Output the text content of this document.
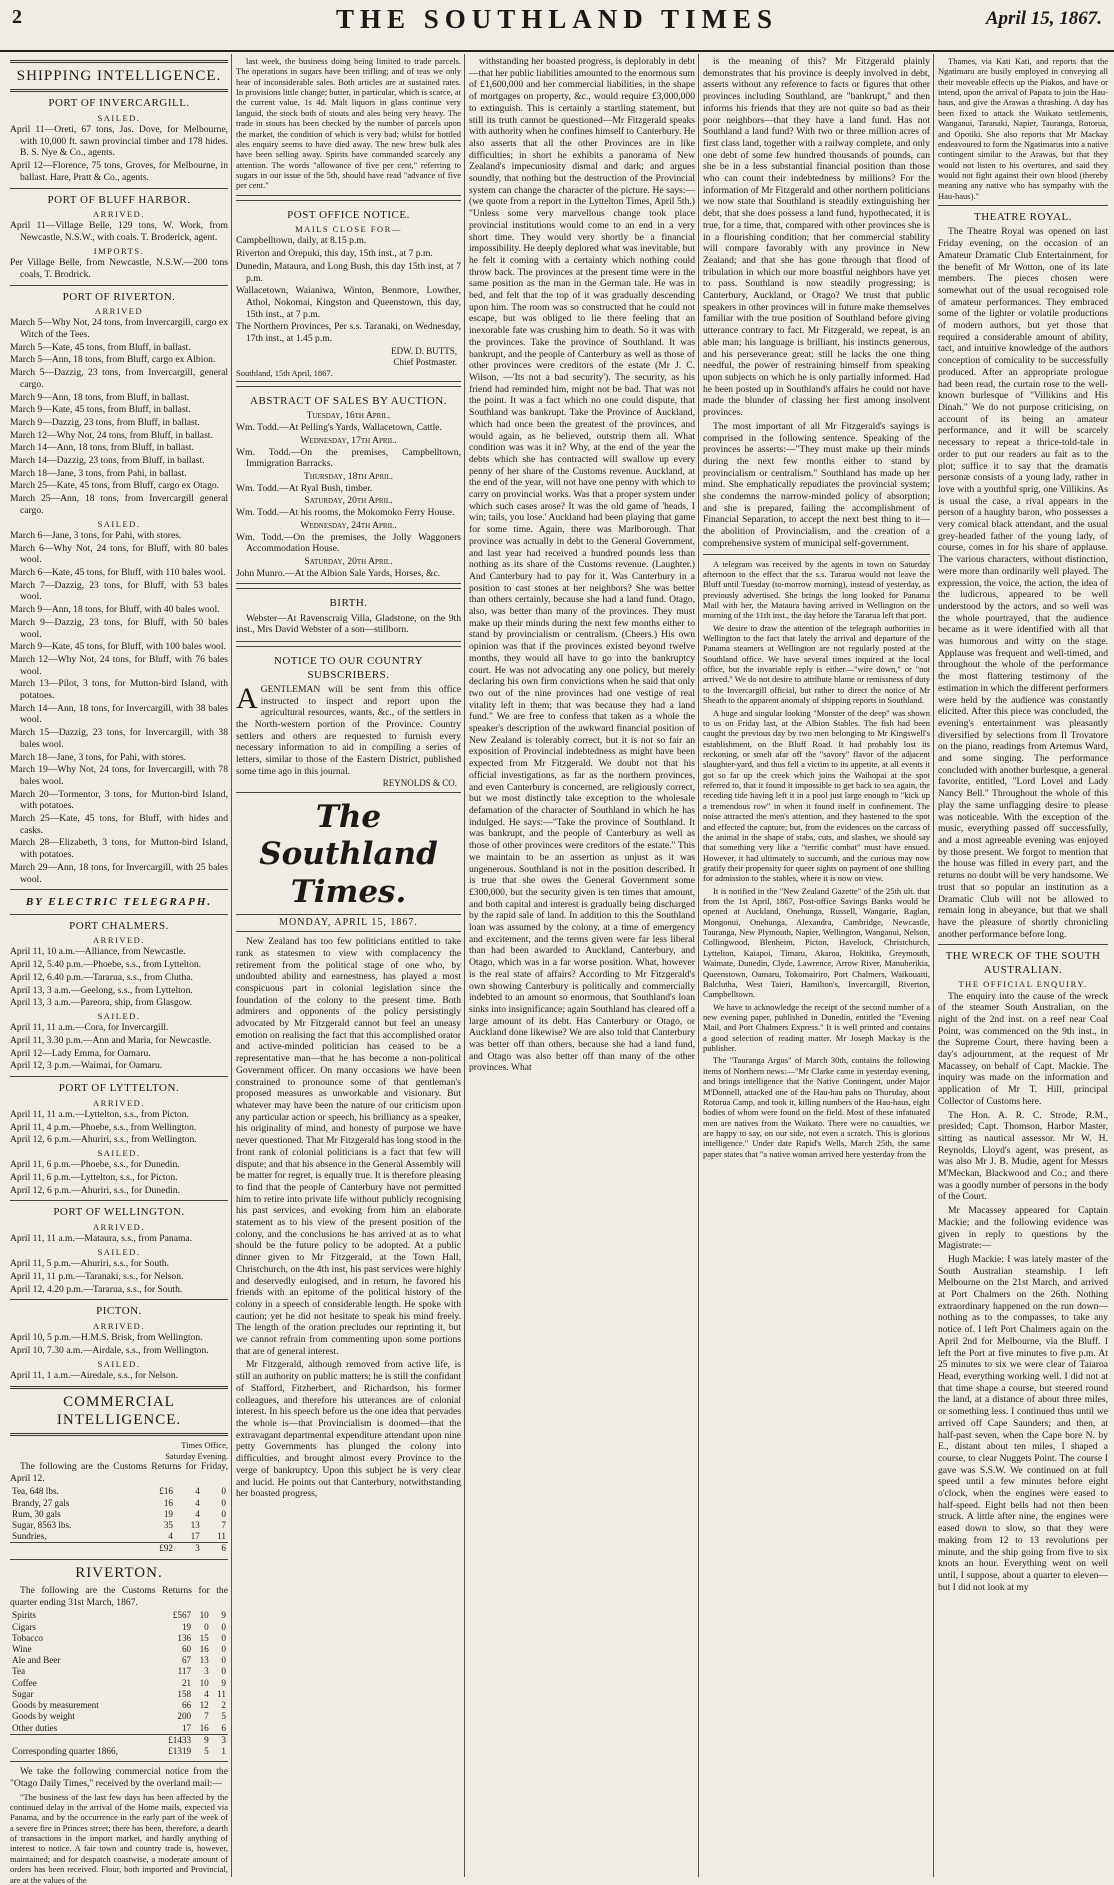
2	THE SOUTHLAND TIMES	April 15, 1867.
SHIPPING INTELLIGENCE.
PORT OF INVERCARGILL.
SAILED.
April 11—Oreti, 67 tons, Jas. Dove, for Melbourne, with 10,000 ft. sawn provincial timber and 178 hides. B. S. Nye & Co., agents.
April 12—Florence, 75 tons, Groves, for Melbourne, in ballast. Hare, Pratt & Co., agents.
PORT OF BLUFF HARBOR.
ARRIVED.
April 11—Village Belle, 129 tons, W. Work, from Newcastle, N.S.W., with coals. T. Broderick, agent.
IMPORTS.
Per Village Belle, from Newcastle, N.S.W.—200 tons coals, T. Brodrick.
PORT OF RIVERTON.
ARRIVED
March 5—Why Not, 24 tons, from Invercargill, cargo ex Witch of the Tees.
March 5—Kate, 45 tons, from Bluff, in ballast.
March 5—Ann, 18 tons, from Bluff, cargo ex Albion.
March 5—Dazzig, 23 tons, from Invercargill, general cargo.
March 9—Ann, 18 tons, from Bluff, in ballast.
March 9—Kate, 45 tons, from Bluff, in ballast.
March 9—Dazzig, 23 tons, from Bluff, in ballast.
March 12—Why Not, 24 tons, from Bluff, in ballast.
March 14—Ann, 18 tons, from Bluff, in ballast.
March 14—Dazzig, 23 tons, from Bluff, in ballast.
March 18—Jane, 3 tons, from Pahi, in ballast.
March 25—Kate, 45 tons, from Bluff, cargo ex Otago.
March 25—Ann, 18 tons, from Invercargill general cargo.
SAILED.
March 6—Jane, 3 tons, for Pahi, with stores.
March 6—Why Not, 24 tons, for Bluff, with 80 bales wool.
March 6—Kate, 45 tons, for Bluff, with 110 bales wool.
March 7—Dazzig, 23 tons, for Bluff, with 53 bales wool.
March 9—Ann, 18 tons, for Bluff, with 40 bales wool.
March 9—Dazzig, 23 tons, for Bluff, with 50 bales wool.
March 9—Kate, 45 tons, for Bluff, with 100 bales wool.
March 12—Why Not, 24 tons, for Bluff, with 76 bales wool.
March 13—Pilot, 3 tons, for Mutton-bird Island, with potatoes.
March 14—Ann, 18 tons, for Invercargill, with 38 bales wool.
March 15—Dazzig, 23 tons, for Invercargill, with 38 bales wool.
March 18—Jane, 3 tons, for Pahi, with stores.
March 19—Why Not, 24 tons, for Invercargill, with 78 bales wool.
March 20—Tormentor, 3 tons, for Mutton-bird Island, with potatoes.
March 25—Kate, 45 tons, for Bluff, with hides and casks.
March 28—Elizabeth, 3 tons, for Mutton-bird Island, with potatoes.
March 29—Ann, 18 tons, for Invercargill, with 25 bales wool.
BY ELECTRIC TELEGRAPH.
PORT CHALMERS.
ARRIVED.
April 11, 10 a.m.—Alliance, from Newcastle.
April 12, 5.40 p.m.—Phoebe, s.s., from Lyttelton.
April 12, 6.40 p.m.—Tararua, s.s., from Clutha.
April 13, 3 a.m.—Geelong, s.s., from Lyttelton.
April 13, 3 a.m.—Pareora, ship, from Glasgow.
SAILED.
April 11, 11 a.m.—Cora, for Invercargill.
April 11, 3.30 p.m.—Ann and Maria, for Newcastle.
April 12—Lady Emma, for Oamaru.
April 12, 3 p.m.—Waimai, for Oamaru.
PORT OF LYTTELTON.
ARRIVED.
April 11, 11 a.m.—Lyttelton, s.s., from Picton.
April 11, 4 p.m.—Phoebe, s.s., from Wellington.
April 12, 6 p.m.—Ahuriri, s.s., from Wellington.
SAILED.
April 11, 6 p.m.—Phoebe, s.s., for Dunedin.
April 11, 6 p.m.—Lyttelton, s.s., for Picton.
April 12, 6 p.m.—Ahuriri, s.s., for Dunedin.
PORT OF WELLINGTON.
ARRIVED.
April 11, 11 a.m.—Mataura, s.s., from Panama.
SAILED.
April 11, 5 p.m.—Ahuriri, s.s., for South.
April 11, 11 p.m.—Taranaki, s.s., for Nelson.
April 12, 4.20 p.m.—Tararua, s.s., for South.
PICTON.
ARRIVED.
April 10, 5 p.m.—H.M.S. Brisk, from Wellington.
April 10, 7.30 a.m.—Airdale, s.s., from Wellington.
SAILED.
April 11, 1 a.m.—Airedale, s.s., for Nelson.
COMMERCIAL INTELLIGENCE.
Times Office,
Saturday Evening.

The following are the Customs Returns for Friday, April 12.

Tea, 648 lbs.	£16	4	0
Brandy, 27 gals	16	4	0
Rum, 30 gals	19	4	0
Sugar, 8563 lbs.	35	13	7
Sundries,	4	17	11
	£92	3	6
RIVERTON.

The following are the Customs Returns for the quarter ending 31st March, 1867.

Spirits	£567	10	9
Cigars	19	0	0
Tobacco	136	15	0
Wine	60	16	0
Ale and Beer	67	13	0
Tea	117	3	0
Coffee	21	10	9
Sugar	158	4	11
Goods by measurement	66	12	2
Goods by weight	200	7	5
Other duties	17	16	6
	£1433	9	3
Corresponding quarter 1866,	£1319	5	1

We take the following commercial notice from the "Otago Daily Times," received by the overland mail:—

"The business of the last few days has been affected by the continued delay in the arrival of the Home mails, expected via Panama, and by the occurrence in the early part of the week of a severe fire in Princes street; there has been, therefore, a dearth of transactions in the import market, and hardly anything of interest to notice. A fair town and country trade is, however, maintained; and for despatch coastwise, a moderate amount of orders has been received. Flour, both imported and Provincial, are at the values of the

last week, the business doing being limited to trade parcels. The operations in sugars have been trifling; and of teas we only hear of inconsiderable sales. Both articles are at sustained rates. In provisions little change; butter, in particular, which is scarce, at the current value, 1s 4d. Malt liquors in glass continue very languid, the stock both of stouts and ales being very heavy. The trade in stouts has been checked by the number of parcels upon the market, the condition of which is very bad; whilst for bottled ales enquiry seems to have died away. The new brew bulk ales have been selling away. Spirits have commanded scarcely any attention. The words "allowance of five per cent," referring to sugars in our issue of the 5th, should have read "advance of five per cent."

POST OFFICE NOTICE.
MAILS CLOSE FOR—
Campbelltown, daily, at 8.15 p.m.
Riverton and Orepuki, this day, 15th inst., at 7 p.m.
Dunedin, Mataura, and Long Bush, this day 15th inst, at 7 p.m.
Wallacetown, Waianiwa, Winton, Benmore, Lowther, Athol, Nokomai, Kingston and Queenstown, this day, 15th inst., at 7 p.m.
The Northern Provinces, Per s.s. Taranaki, on Wednesday, 17th inst., at 1.45 p.m.
EDW. D. BUTTS,
Chief Postmaster.
Southland, 15th April, 1867.
ABSTRACT OF SALES BY AUCTION.
Tuesday, 16th April.
Wm. Todd.—At Pelling's Yards, Wallacetown, Cattle.
Wednesday, 17th April.
Wm. Todd.—On the premises, Campbelltown, Immigration Barracks.
Thursday, 18th April.
Wm. Todd.—At Ryal Bush, timber.
Saturday, 20th April.
Wm. Todd.—At his rooms, the Mokomoko Ferry House.
Wednesday, 24th April.
Wm. Todd.—On the premises, the Jolly Waggoners Accommodation House.
Saturday, 20th April.
John Munro.—At the Albion Sale Yards, Horses, &c.
BIRTH.

Webster—At Ravenscraig Villa, Gladstone, on the 9th inst., Mrs David Webster of a son—stillborn.

NOTICE TO OUR COUNTRY SUBSCRIBERS.
A GENTLEMAN will be sent from this office instructed to inspect and report upon the agricultural resources, wants, &c., of the settlers in the North-western portion of the Province. Country settlers and others are requested to furnish every necessary information to aid in compiling a series of letters, similar to those of the Eastern District, published some time ago in this journal.
REYNOLDS & CO.
The Southland Times.
MONDAY, APRIL 15, 1867.

New Zealand has too few politicians entitled to take rank as statesmen to view with complacency the retirement from the political stage of one who, by undoubted ability and earnestness, has played a most conspicuous part in colonial legislation since the foundation of the colony to the present time. Both admirers and opponents of the policy persistingly advocated by Mr Fitzgerald cannot but feel an uneasy emotion on realising the fact that this accomplished orator and active-minded politician has ceased to be a representative man—that he has become a non-political Government officer. On many occasions we have been constrained to pronounce some of that gentleman's proposed measures as unworkable and visionary. But whatever may have been the nature of our criticism upon any particular action or speech, his brilliancy as a speaker, his originality of mind, and honesty of purpose we have never questioned. That Mr Fitzgerald has long stood in the front rank of colonial politicians is a fact that few will dispute; and that his absence in the General Assembly will be matter for regret, is equally true. It is therefore pleasing to find that the people of Canterbury have not permitted him to retire into private life without publicly recognising his past services, and evoking from him an elaborate statement as to his view of the present position of the colony, and the conclusions he has arrived at as to what should be the future policy to be adopted. At a public dinner given to Mr Fitzgerald, at the Town Hall, Christchurch, on the 4th inst, his past services were highly and deservedly eulogised, and in return, he favored his friends with an epitome of the political history of the colony in a speech of considerable length. He spoke with caution; yet he did not hesitate to speak his mind freely. The length of the oration precludes our reprinting it, but we cannot refrain from commenting upon some portions that are of general interest.

Mr Fitzgerald, although removed from active life, is still an authority on public matters; he is still the confidant of Stafford, Fitzherbert, and Richardson, his former colleagues, and therefore his utterances are of colonial interest. In his speech before us the one idea that pervades the whole is—that Provincialism is doomed—that the extravagant departmental expenditure attendant upon nine petty Governments has plunged the colony into difficulties, and brought almost every Province to the verge of bankruptcy. Upon this subject he is very clear and lucid. He points out that Canterbury, notwithstanding her boasted progress,

withstanding her boasted progress, is deplorably in debt—that her public liabilities amounted to the enormous sum of £1,600,000 and her commercial liabilities, in the shape of mortgages on property, &c., would require £3,000,000 to extinguish. This is certainly a startling statement, but still its truth cannot be questioned—Mr Fitzgerald speaks with authority when he confines himself to Canterbury. He also asserts that all the other Provinces are in like difficulties; in short he exhibits a panorama of New Zealand's impecuniosity dismal and dark; and argues soundly, that nothing but the destruction of the Provincial system can change the character of the picture. He says:—(we quote from a report in the Lyttelton Times, April 5th.) "Unless some very marvellous change took place provincial institutions would come to an end in a very short time. They would very shortly be a financial impossibility. He deeply deplored what was inevitable, but he felt it coming with a certainty which nothing could throw back. The provinces at the present time were in the same position as the man in the German tale. He was in bed, and felt that the top of it was gradually descending upon him. The room was so constructed that he could not escape, but was obliged to lie there feeling that an inexorable fate was crushing him to death. So it was with the provinces. Take the province of Southland. It was bankrupt, and the people of Canterbury as well as those of other provinces were creditors of the estate (Mr J. C. Wilson, —'Its not a bad security'). The security, as his friend had reminded him, might not be bad. That was not the point. It was a fact which no one could dispute, that Southland was bankrupt. Take the Province of Auckland, which had once been the greatest of the provinces, and would again, as he believed, outstrip them all. What condition was was it in? Why, at the end of the year the debts which she has contracted will swallow up every penny of her share of the Customs revenue. Auckland, at the end of the year, will not have one penny with which to carry on provincial works. Was that a proper system under which such cases arose? It was the old game of 'heads, I win; tails, you lose.' Auckland had been playing that game for some time. Again, there was Marlborough. That province was actually in debt to the General Government, and last year had received a hundred pounds less than nothing as its share of the Customs revenue. (Laughter.) And Canterbury had to pay for it. Was Canterbury in a position to cast stones at her neighbors? She was better than others certainly, because she had a land fund. Otago, also, was better than many of the provinces. They must make up their minds during the next few months either to stand by provincialism or centralism. (Cheers.) His own opinion was that if the provinces existed beyond twelve months, they would all have to go into the bankruptcy court. He was not advocating any one policy, but merely declaring his own firm convictions when he said that only two out of the nine provinces had one vestige of real vitality left in them; that was because they had a land fund." We are free to confess that taken as a whole the speaker's description of the awkward financial position of New Zealand is tolerably correct, but it is not so fair an exposition of Provincial indebtedness as might have been expected from Mr Fitzgerald. We doubt not that his official investigations, as far as the northern provinces, and even Canterbury is concerned, are religiously correct, but we most distinctly take exception to the wholesale defamation of the character of Southland in which he has indulged. He says:—"Take the province of Southland. It was bankrupt, and the people of Canterbury as well as those of other provinces were creditors of the estate." This we maintain to be an assertion as unjust as it was ungenerous. Southland is not in the position described. It is true that she owes the General Government some £300,000, but the security given is ten times that amount, and both capital and interest is gradually being discharged by the rapid sale of land. In addition to this the Southland loan was assumed by the colony, at a time of emergency and excitement, and the terms given were far less liberal than had been awarded to Auckland, Canterbury, and Otago, which was in a far worse position. What, however is the real state of affairs? According to Mr Fitzgerald's own showing Canterbury is politically and commercially indebted to an amount so enormous, that Southland's loan sinks into insignificance; again Southland has cleared off a large amount of its debt. Has Canterbury or Otago, or Auckland done likewise? We are also told that Canterbury was better off than others, because she had a land fund, and Otago was also better off than many of the other provinces. What

is the meaning of this? Mr Fitzgerald plainly demonstrates that his province is deeply involved in debt, asserts without any reference to facts or figures that other provinces including Southland, are "bankrupt," and then informs his friends that they are not quite so bad as their poor neighbors—that they have a land fund. Has not Southland a land fund? With two or three million acres of first class land, together with a railway complete, and only one debt of some few hundred thousands of pounds, can she be in a less substantial financial position than those who can count their indebtedness by millions? For the information of Mr Fitzgerald and other northern politicians we now state that Southland is steadily extinguishing her debt, that she does possess a land fund, hypothecated, it is true, for a time, that, compared with other provinces she is in a flourishing condition; that her commercial stability will compare favorably with any province in New Zealand; and that she has gone through that flood of tribulation in which our more boastful neighbors have yet to pass. Southland is now steadily progressing; is Canterbury, Auckland, or Otago? We trust that public speakers in other provinces will in future make themselves familiar with the true position of Southland before giving utterance contrary to fact. Mr Fitzgerald, we repeat, is an able man; his language is brilliant, his instincts generous, and his perseverance great; still he lacks the one thing needful, the power of restraining himself from speaking upon subjects on which he is only partially informed. Had he been posted up in Southland's affairs he could not have made the blunder of classing her first among insolvent provinces.

The most important of all Mr Fitzgerald's sayings is comprised in the following sentence. Speaking of the provinces he asserts:—"They must make up their minds during the next few months either to stand by provincialism or centralism." Southland has made up her mind. She emphatically repudiates the provincial system; she condemns the narrow-minded policy of absorption; and she is prepared, failing the accomplishment of Financial Separation, to accept the next best thing to it—the abolition of Provincialism, and the creation of a comprehensive system of municipal self-government.

A telegram was received by the agents in town on Saturday afternoon to the effect that the s.s. Tararua would not leave the Bluff until Tuesday (to-morrow morning), instead of yesterday, as previously advertised. She brings the long looked for Panama Mail with her, the Mataura having arrived in Wellington on the morning of the 11th inst., the day before the Tararua left that port.
We desire to draw the attention of the telegraph authorities in Wellington to the fact that lately the arrival and departure of the Panama steamers at Wellington are not regularly posted at the Southland office. We have several times inquired at the local office, but the invariable reply is either—"wire down," or "not arrived." We do not desire to attribute blame or remissness of duty to the Invercargill official, but rather to direct the notice of Mr Sheath to the apparent anomaly of shipping reports in Southland.
A huge and singular looking "Monster of the deep" was shown to us on Friday last, at the Albion Stables. The fish had been caught the previous day by two men belonging to Mr Kingswell's establishment, on the Bluff Road. It had probably lost its reckoning, or smelt afar off the "savory" flavor of the adjacent slaughter-yard, and thus fell a victim to its appetite, at all events it got so far up the creek which joins the Waihopai at the spot referred to, that it found it impossible to get back to sea again, the receding tide having left it in a pool just large enough to "kick up a tremendous row" in when it found itself in confinement. The noise attracted the men's attention, and they hastened to the spot and effected the capture; but, from the evidences on the carcass of the animal in the shape of stabs, cuts, and slashes, we should say that something very like a "terrific combat" must have ensued. However, it had ultimately to succumb, and the curious may now gratify their propensity for queer sights on payment of one shilling for admission to the stables, where it is now on view.
It is notified in the "New Zealand Gazette" of the 25th ult. that from the 1st April, 1867, Post-office Savings Banks would be opened at Auckland, Onehunga, Russell, Wangarie, Raglan, Mongonui, Onehunga, Alexandra, Cambridge, Newcastle, Tauranga, New Plymouth, Napier, Wellington, Wanganui, Nelson, Collingwood, Blenheim, Picton, Havelock, Christchurch, Lyttelton, Kaiapoi, Timaru, Akaroa, Hokitika, Greymouth, Waimate, Dunedin, Clyde, Lawrence, Arrow River, Manuherikia, Queenstown, Oamaru, Tokomairiro, Port Chalmers, Waikouaiti, Balclutha, West Taieri, Hamilton's, Invercargill, Riverton, Campbelltown.
We have to acknowledge the receipt of the second number of a new evening paper, published in Dunedin, entitled the "Evening Mail, and Port Chalmers Express." It is well printed and contains a good selection of reading matter. Mr Joseph Mackay is the publisher.
The "Tauranga Argus" of March 30th, contains the following items of Northern news:—"Mr Clarke came in yesterday evening, and brings intelligence that the Native Contingent, under Major M'Donnell, attacked one of the Hau-hau pahs on Thursday, about Rotorua Camp, and took it, killing numbers of the Hau-haus, eight bodies of whom were found on the field. Most of these infatuated men are natives from the Waikato. There were no casualties, we are happy to say, on our side, not even a scratch. This is glorious intelligence." Under date Rapid's Wells, March 25th, the same paper states that "a native woman arrived here yesterday from the

Thames, via Kati Kati, and reports that the Ngatimaru are busily employed in conveying all their moveable effects up the Piakos, and have or intend, upon the arrival of Papata to join the Hau-haus, and give the Arawas a thrashing. A day has been fixed to attack the Waikato settlements, Wanganui, Taranaki, Napier, Tauranga, Rotorua, and Opotiki. She also reports that Mr Mackay endeavoured to form the Ngatimarus into a native contingent similar to the Arawas, but that they would not listen to his overtures, and said they would not fight against their own blood (thereby meaning any native who has sympathy with the Hau-haus)."

THEATRE ROYAL.

The Theatre Royal was opened on last Friday evening, on the occasion of an Amateur Dramatic Club Entertainment, for the benefit of Mr Wotton, one of its late members. The pieces chosen were somewhat out of the usual recognised role of amateur performances. They embraced some of the lighter or volatile productions of modern authors, but yet those that required a considerable amount of ability, tact, and intuitive knowledge of the authors conception of comicality to be successfully produced. After an appropriate prologue had been read, the curtain rose to the well-known burlesque of "Villikins and His Dinah." We do not purpose criticising, on account of its being an amateur performance, and it will be scarcely necessary to repeat a thrice-told-tale in order to put our readers au fait as to the plot; suffice it to say that the dramatis personæ consists of a young lady, rather in love with a youthful sprig, one Villikins. As is usual the case, a rival appears in the person of a haughty baron, who possesses a very comical black attendant, and the usual grey-headed father of the young lady, of course, comes in for his share of applause. The various characters, without distinction, were more than ordinarily well played. The expression, the voice, the action, the idea of the ludicrous, appeared to be well understood by the actors, and so well was the whole pourtrayed, that the audience became as it were identified with all that was humorous and witty on the stage. Applause was frequent and well-timed, and throughout the whole of the performance the most flattering testimony of the estimation in which the different performers were held by the audience was constantly elicited. After this piece was concluded, the evening's entertainment was pleasantly diversified by selections from Il Trovatore on the piano, readings from Artemus Ward, and some singing. The performance concluded with another burlesque, a general favorite, entitled, "Lord Lovel and Lady Nancy Bell." Throughout the whole of this play the same unflagging desire to please was noticeable. With the exception of the music, everything passed off successfully, and a most agreeable evening was enjoyed by those present. We forgot to mention that the house was filled in every part, and the returns no doubt will be very handsome. We trust that so popular an institution as a Dramatic Club will not be allowed to remain long in abeyance, but that we shall have the pleasure of shortly chronicling another performance before long.

THE WRECK OF THE SOUTH AUSTRALIAN.
THE OFFICIAL ENQUIRY.
The enquiry into the cause of the wreck of the steamer South Australian, on the night of the 2nd inst. on a reef near Coal Point, was commenced on the 9th inst., in the Supreme Court, there having been a day's adjournment, at the request of Mr Macassey, on behalf of Capt. Mackie. The inquiry was made on the information and application of Mr T. Hill, principal Collector of Customs here.
The Hon. A. R. C. Strode, R.M., presided; Capt. Thomson, Harbor Master, sitting as nautical assessor. Mr W. H. Reynolds, Lloyd's agent, was present, as was also Mr J. B. Mudie, agent for Messrs M'Meckan, Blackwood and Co.; and there was a goodly number of persons in the body of the Court.
Mr Macassey appeared for Captain Mackie; and the following evidence was given in reply to questions by the Magistrate:—
Hugh Mackie: I was lately master of the South Australian steamship. I left Melbourne on the 21st March, and arrived at Port Chalmers on the 26th. Nothing extraordinary happened on the run down—nothing as to the compasses, to take any notice of. I left Port Chalmers again on the April 2nd for Melbourne, via the Bluff. I left the Port at five minutes to five p.m. At 25 minutes to six we were clear of Taiaroa Head, everything working well. I did not at that time shape a course, but steered round the land, at a distance of about three miles, or something less. I continued thus until we arrived off Cape Saunders; and then, at half-past seven, when the Cape bore N. by E., distant about ten miles, I shaped a course, to clear Nuggets Point. The course I gave was S.S.W. We continued on at full speed until a few minutes before eight o'clock, when the engines were eased to half-speed. Eight bells had not then been struck. A little after nine, the engines were eased down to slow, so that they were making from 12 to 13 revolutions per minute, and the ship going from five to six knots an hour. Everything went on well until, I suppose, about a quarter to eleven—but I did not look at my
